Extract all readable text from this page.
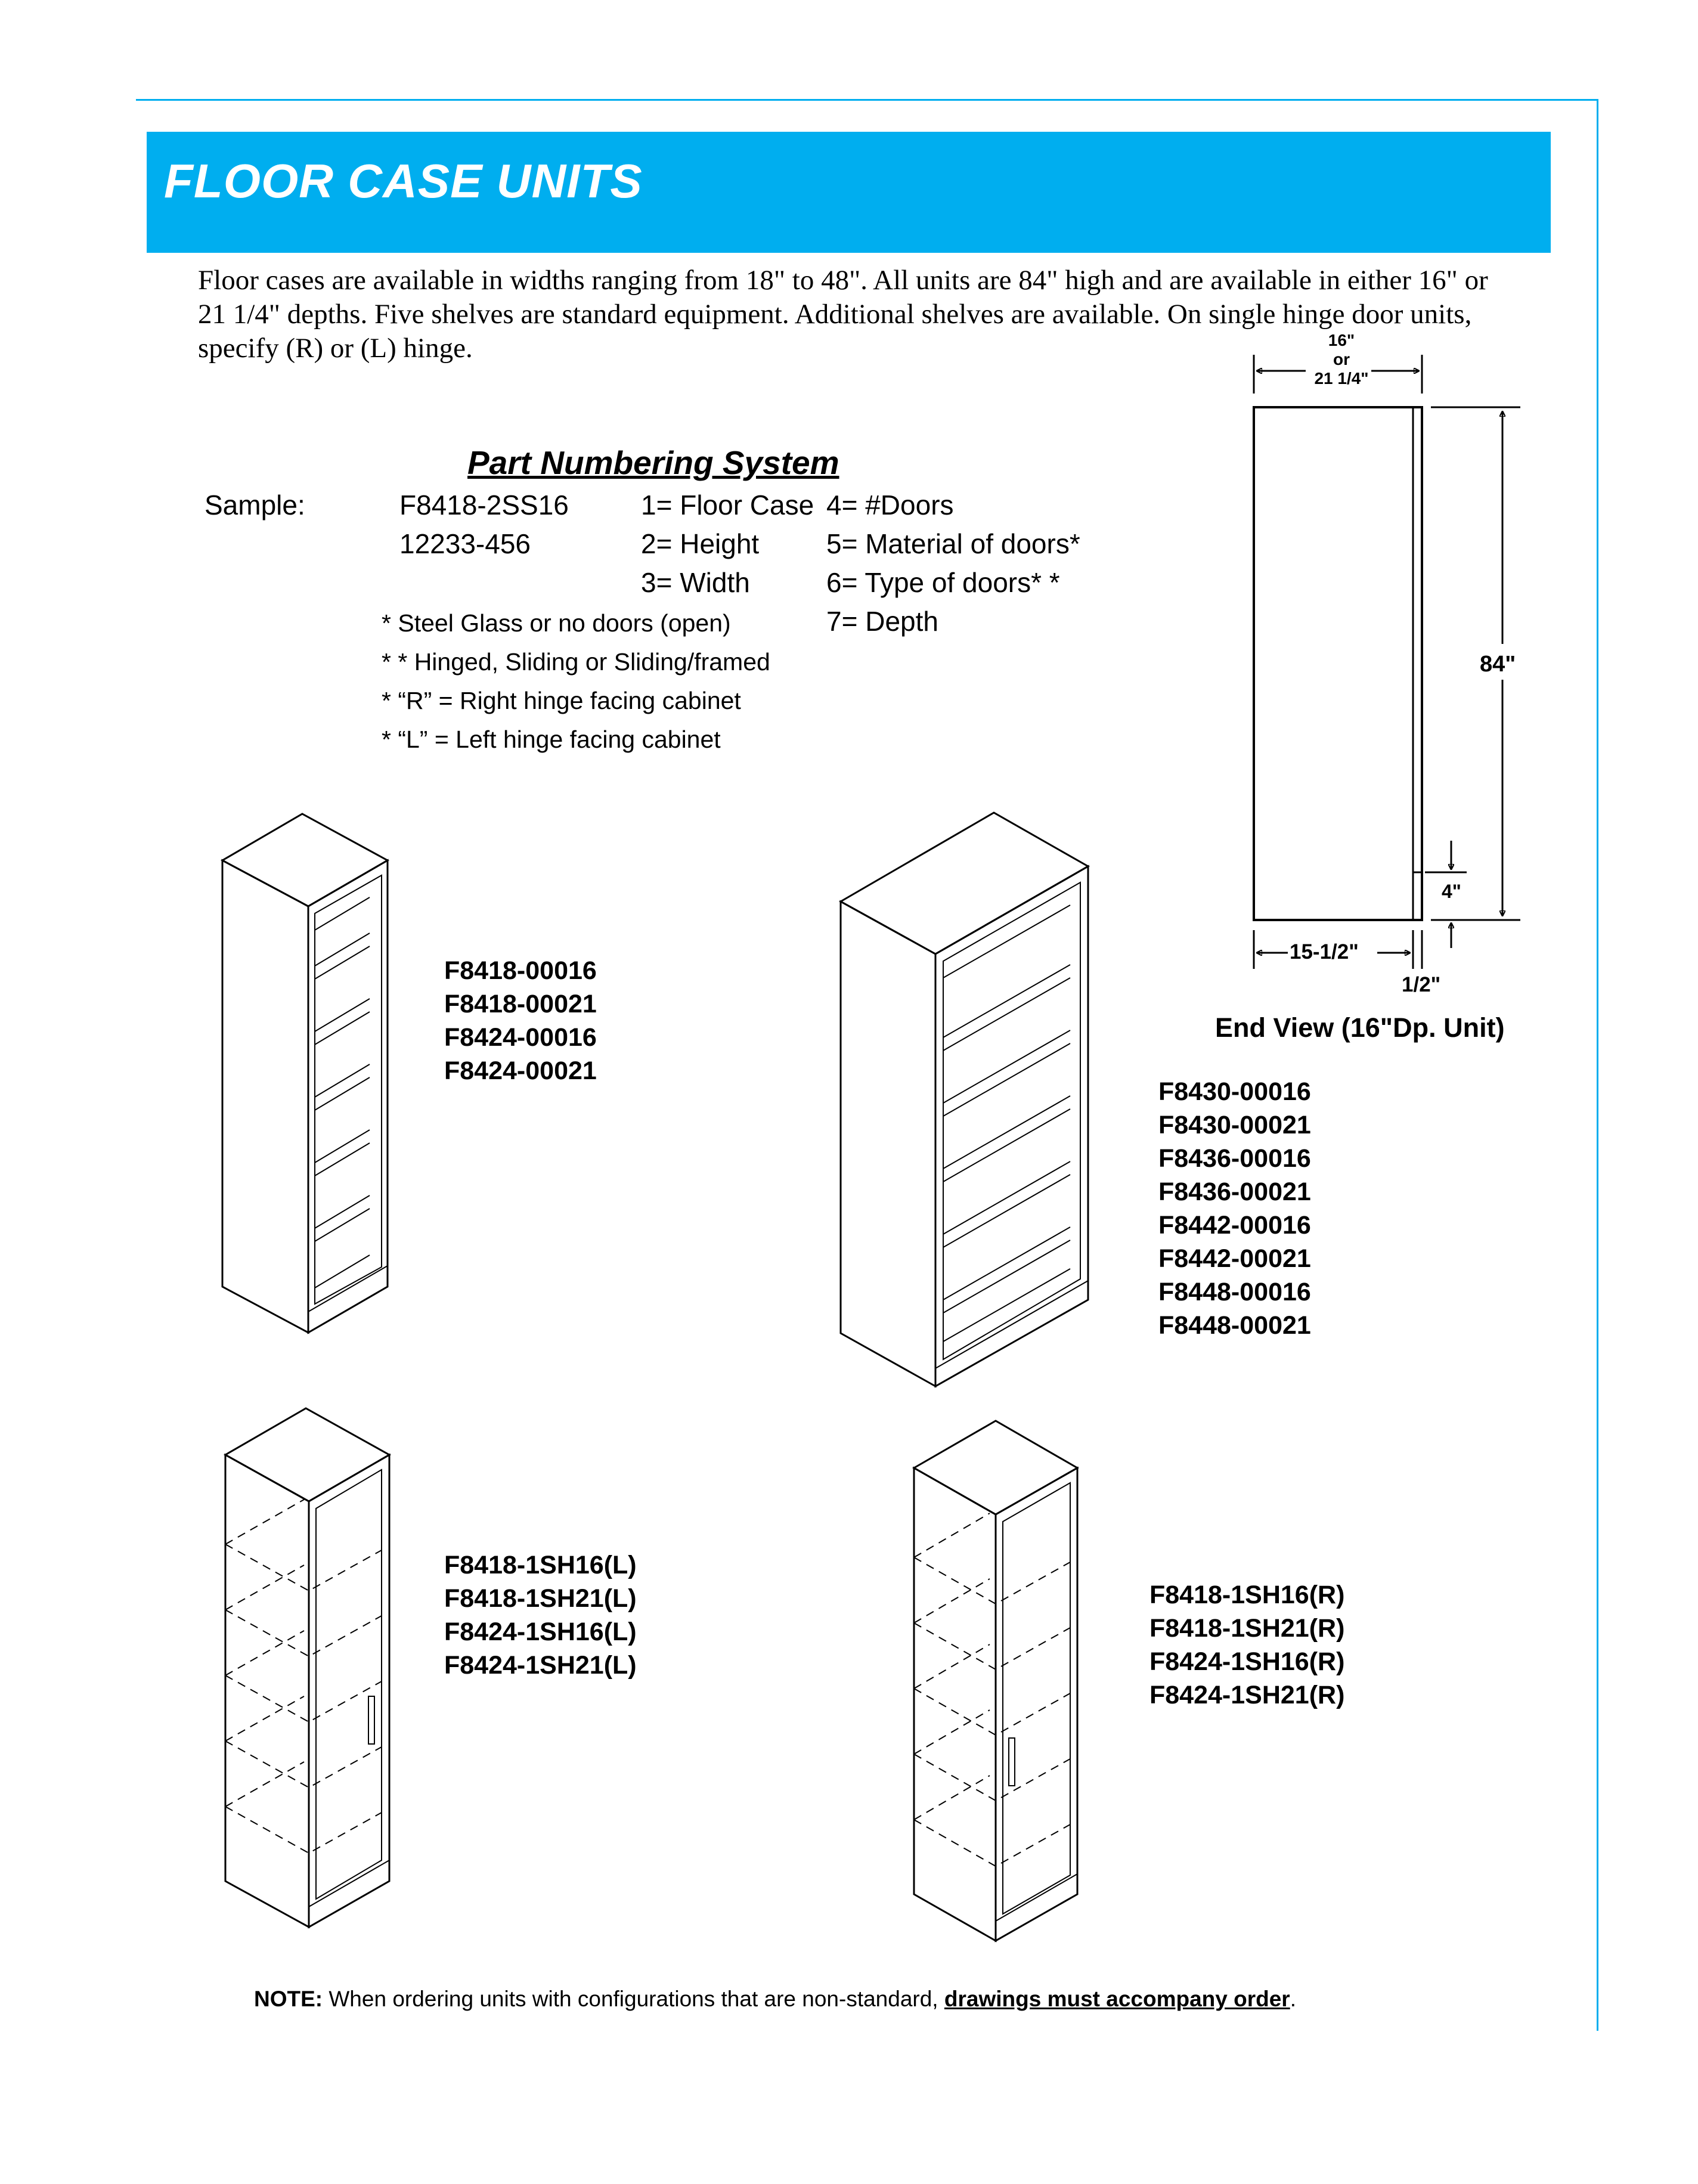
FLOOR CASE UNITS
Floor cases are available in widths ranging from 18" to 48". All units are 84" high and are available in either 16" or 21 1/4" depths. Five shelves are standard equipment. Additional shelves are available. On single hinge door units, specify (R) or (L) hinge.
Part Numbering System
Sample:	F8418-2SS16
12233-456
1= Floor Case
2= Height
3= Width
4= #Doors
5= Material of doors*
6= Type of doors* *
7= Depth
* Steel Glass or no doors (open)
* * Hinged, Sliding or Sliding/framed
* “R” = Right hinge facing cabinet
* “L” = Left hinge facing cabinet
16"
or
21 1/4"
84"
4"
15-1/2"
1/2"
End View (16"Dp. Unit)
F8418-00016
F8418-00021
F8424-00016
F8424-00021
F8430-00016
F8430-00021
F8436-00016
F8436-00021
F8442-00016
F8442-00021
F8448-00016
F8448-00021
F8418-1SH16(L)
F8418-1SH21(L)
F8424-1SH16(L)
F8424-1SH21(L)
F8418-1SH16(R)
F8418-1SH21(R)
F8424-1SH16(R)
F8424-1SH21(R)
NOTE: When ordering units with configurations that are non-standard, drawings must accompany order.
